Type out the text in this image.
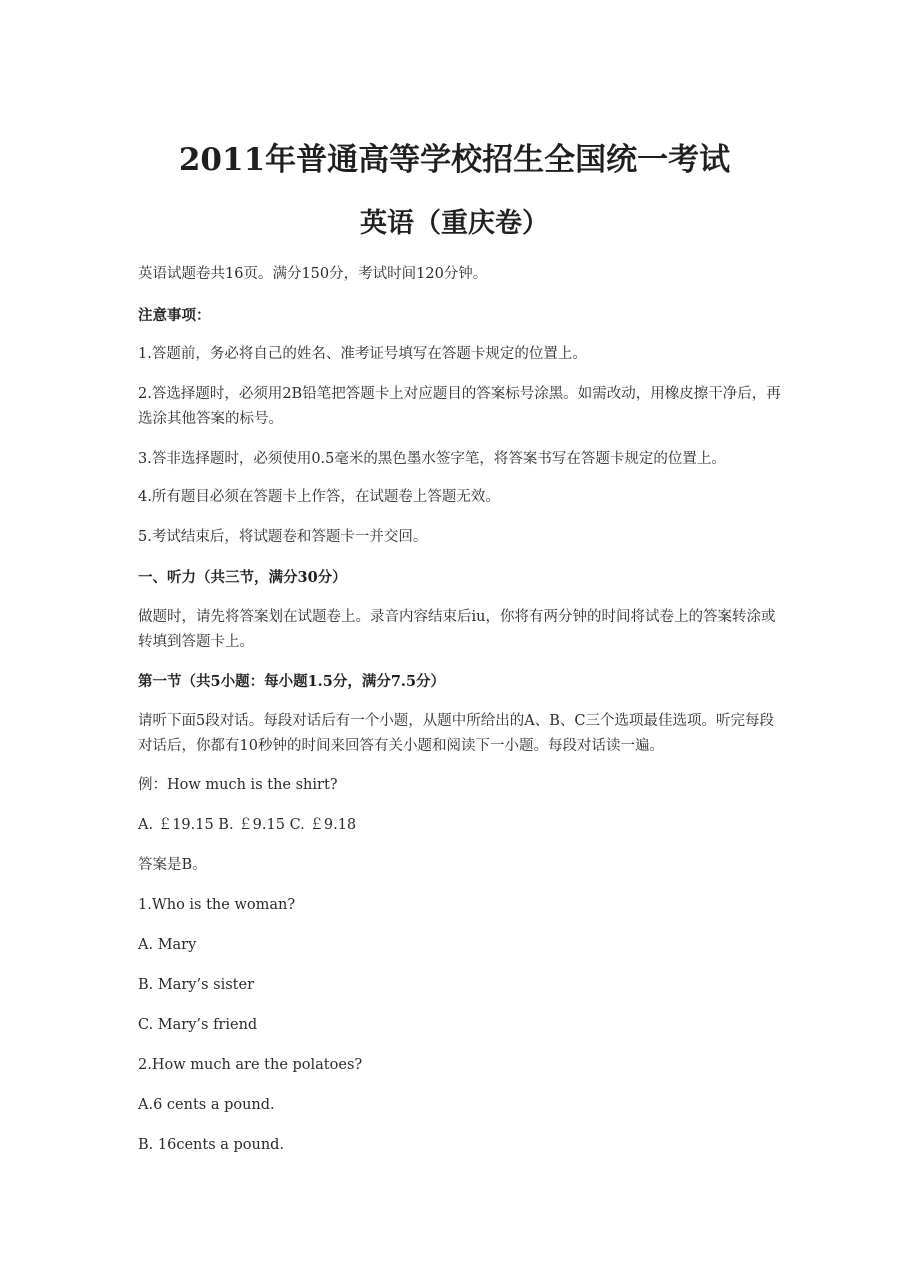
2011年普通高等学校招生全国统一考试
英语（重庆卷）

英语试题卷共16页。满分150分，考试时间120分钟。

注意事项：

1.答题前，务必将自己的姓名、准考证号填写在答题卡规定的位置上。

2.答选择题时，必须用2B铅笔把答题卡上对应题目的答案标号涂黑。如需改动，用橡皮擦干净后，再选涂其他答案的标号。

3.答非选择题时，必须使用0.5毫米的黑色墨水签字笔，将答案书写在答题卡规定的位置上。

4.所有题目必须在答题卡上作答，在试题卷上答题无效。

5.考试结束后，将试题卷和答题卡一并交回。

一、听力（共三节，满分30分）

做题时，请先将答案划在试题卷上。录音内容结束后iu，你将有两分钟的时间将试卷上的答案转涂或转填到答题卡上。

第一节（共5小题：每小题1.5分，满分7.5分）

请听下面5段对话。每段对话后有一个小题，从题中所给出的A、B、C三个选项最佳选项。听完每段对话后，你都有10秒钟的时间来回答有关小题和阅读下一小题。每段对话读一遍。

例：How much is the shirt?

A. ￡19.15 B. ￡9.15 C. ￡9.18

答案是B。

1.Who is the woman?

A. Mary

B. Mary’s sister

C. Mary’s friend

2.How much are the polatoes?

A.6 cents a pound.

B. 16cents a pound.
